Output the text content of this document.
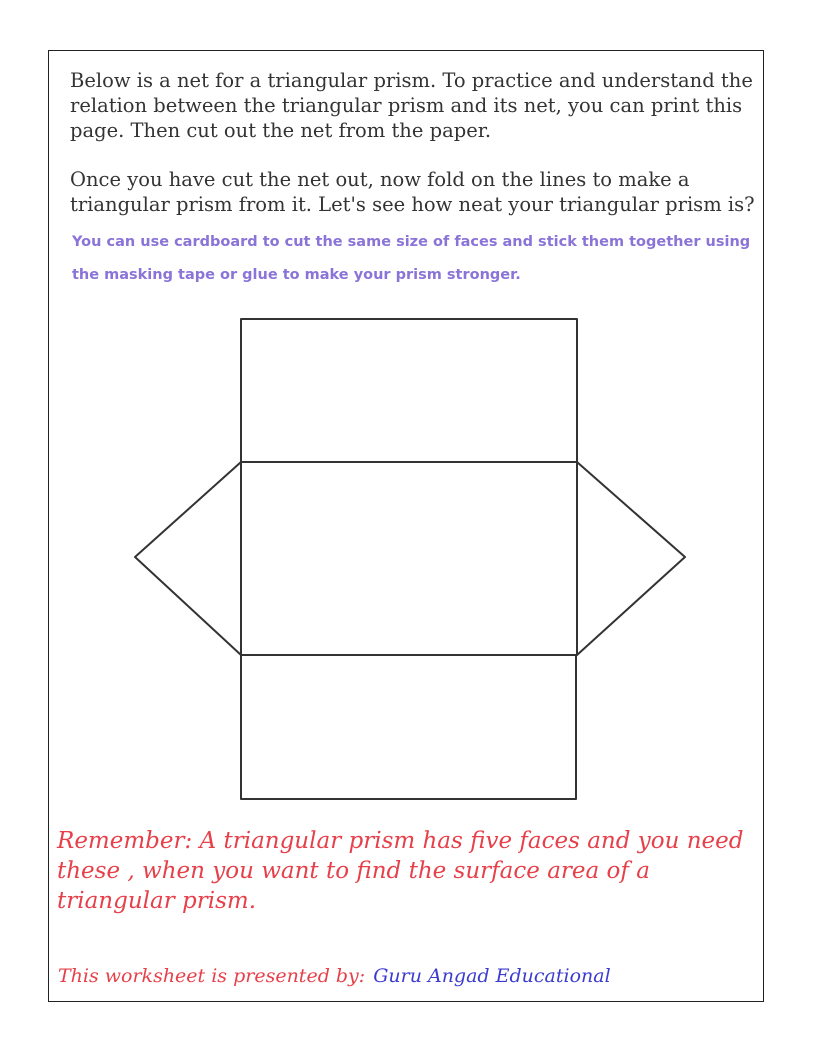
Below is a net for a triangular prism. To practice and understand the relation between the triangular prism and its net, you can print this page. Then cut out the net from the paper.

Once you have cut the net out, now fold on the lines to make a triangular prism from it. Let's see how neat your triangular prism is?

You can use cardboard to cut the same size of faces and stick them together using the masking tape or glue to make your prism stronger.

Remember: A triangular prism has five faces and you need these , when you want to find the surface area of a triangular prism.

This worksheet is presented by: Guru Angad Educational
